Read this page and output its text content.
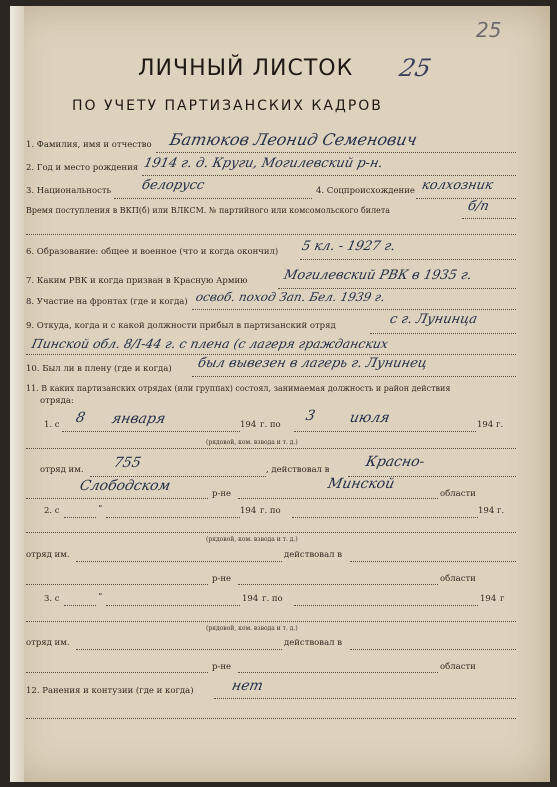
25
ЛИЧНЫЙ ЛИСТОК 25
ПО УЧЕТУ ПАРТИЗАНСКИХ КАДРОВ
1. Фамилия, имя и отчество Батюков Леонид Семенович
2. Год и место рождения 1914 г. д. Круги, Могилевский р-н.
3. Национальность белорусс	4. Соцпроисхождение колхозник
Время поступления в ВКП(б) или ВЛКСМ. № партийного или комсомольского билета	б/п
6. Образование: общее и военное (что и когда окончил) 5 кл. - 1927 г.
7. Каким РВК и когда призван в Красную Армию	Могилевский РВК в 1935 г.
8. Участие на фронтах (где и когда) освоб. поход Зап. Бел. 1939 г.
9. Откуда, когда и с какой должности прибыл в партизанский отряд	с г. Лунинца
Пинской обл. 8/I-44 г. с плена (с лагеря гражданских
10. Был ли в плену (где и когда) был вывезен в лагерь г. Лунинец
11. В каких партизанских отрядах (или группах) состоял, занимаемая должность и район действия
отряда:
1. с 8 января	194 г. по
3 июля	194 г.
(рядовой, ком. взвода и т. д.)
отряд им. 755	, действовал в Красно-
Слободском	р-не
Минской
области
2. с	“	194 г. по	194 г.
(рядовой, ком. взвода и т. д.)
отряд им.	действовал в
р-не	области
3. с	“	194 г. по	194 г
(рядовой, ком. взвода и т. д.)
отряд им.	действовал в
р-не	области
12. Ранения и контузии (где и когда)	нет
